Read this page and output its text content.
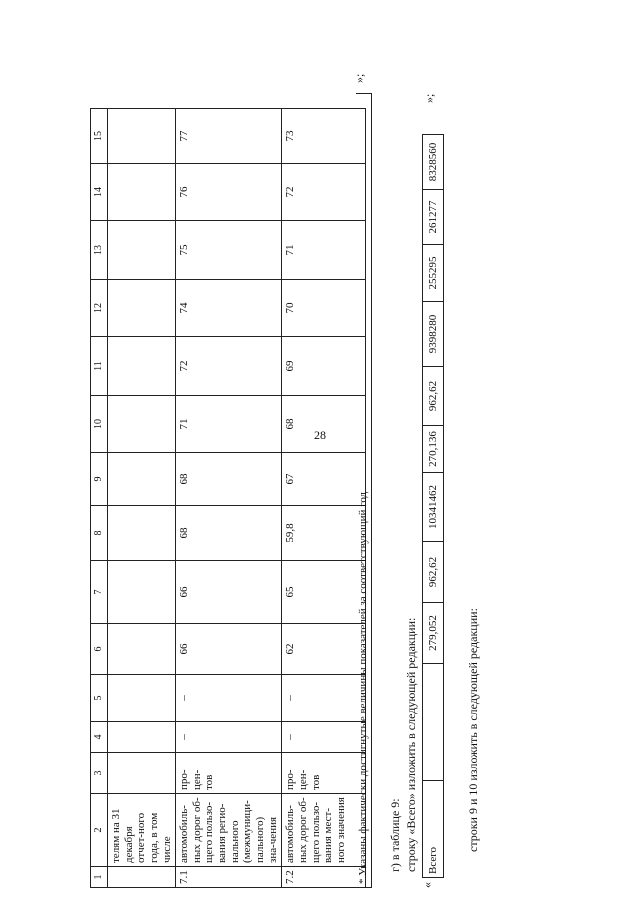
28
1	2	3	4	5	6	7	8	9	10	11	12	13	14	15
	телям на 31 декабря отчет-ного года, в том числе													
7.1	автомобиль-ных дорог об-щего пользо-вания регио-нального (межмуници-пального) зна-чения	про-цен-тов	–	–	66	66	68	68	71	72	74	75	76	77
7.2	автомобиль-ных дорог об-щего пользо-вания мест-ного значения	про-цен-тов	–	–	62	65	59,8	67	68	69	70	71	72	73
* Указаны фактически достигнутые величины показателей за соответствующий год
»;
г) в таблице 9: строку «Всего» изложить в следующей редакции:
«
Всего		279,052	962,62	10341462	270,136	962,62	9398280	255295	261277	8328560
»;
строки 9 и 10 изложить в следующей редакции:
